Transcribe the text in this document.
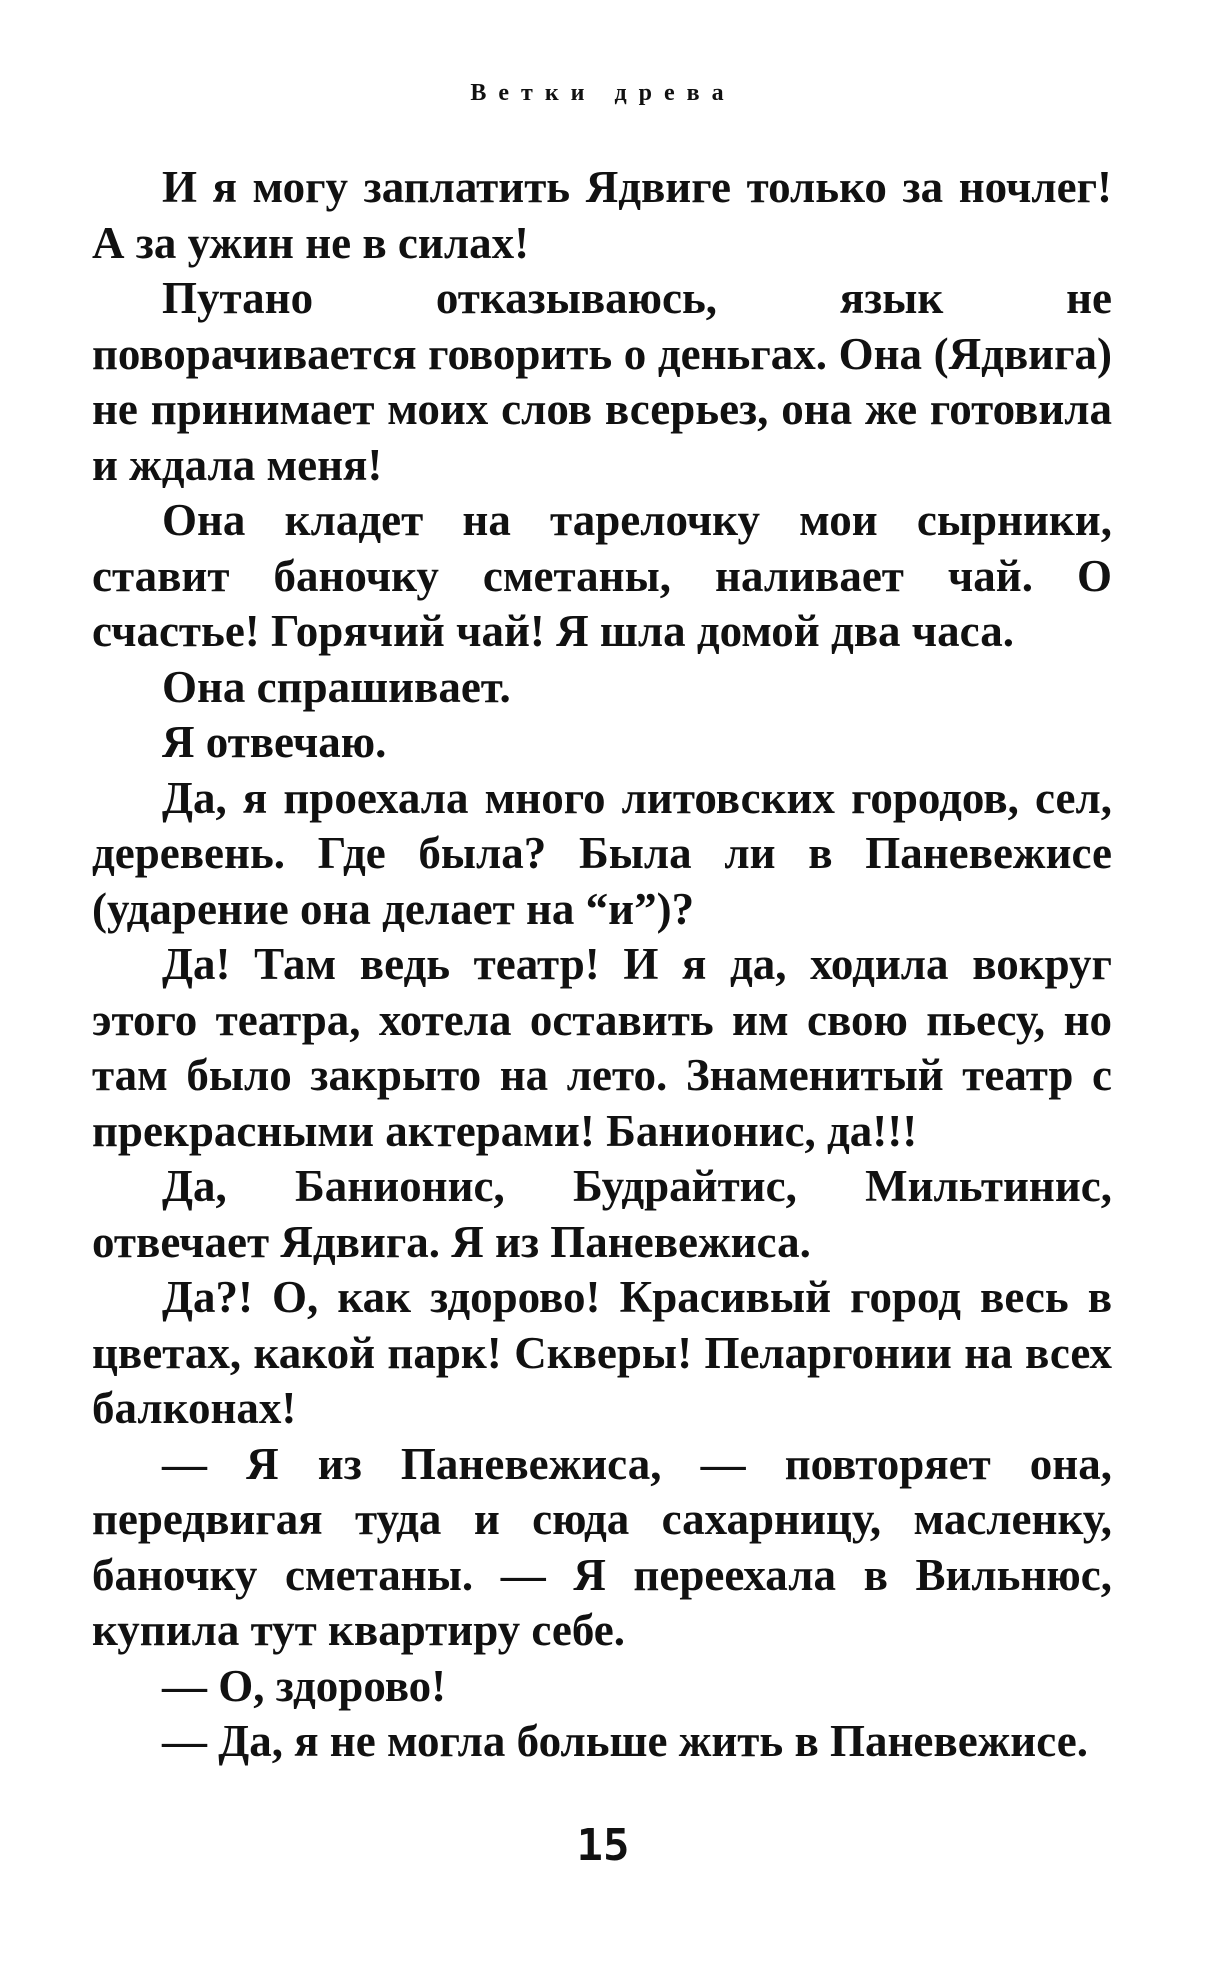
Ветки древа

И я могу заплатить Ядвиге только за ночлег! А за ужин не в силах!

Путано отказываюсь, язык не поворачивается говорить о деньгах. Она (Ядвига) не принимает моих слов всерьез, она же готовила и ждала меня!

Она кладет на тарелочку мои сырники, ставит баночку сметаны, наливает чай. О счастье! Горячий чай! Я шла домой два часа.

Она спрашивает.

Я отвечаю.

Да, я проехала много литовских городов, сел, деревень. Где была? Была ли в Паневежисе (ударение она делает на “и”)?

Да! Там ведь театр! И я да, ходила вокруг этого театра, хотела оставить им свою пьесу, но там было закрыто на лето. Знаменитый театр с прекрасными актерами! Банионис, да!!!

Да, Банионис, Будрайтис, Мильтинис, отвечает Ядвига. Я из Паневежиса.

Да?! О, как здорово! Красивый город весь в цветах, какой парк! Скверы! Пеларгонии на всех балконах!

— Я из Паневежиса, — повторяет она, передвигая туда и сюда сахарницу, масленку, баночку сметаны. — Я переехала в Вильнюс, купила тут квартиру себе.

— О, здорово!

— Да, я не могла больше жить в Паневежисе.

15
